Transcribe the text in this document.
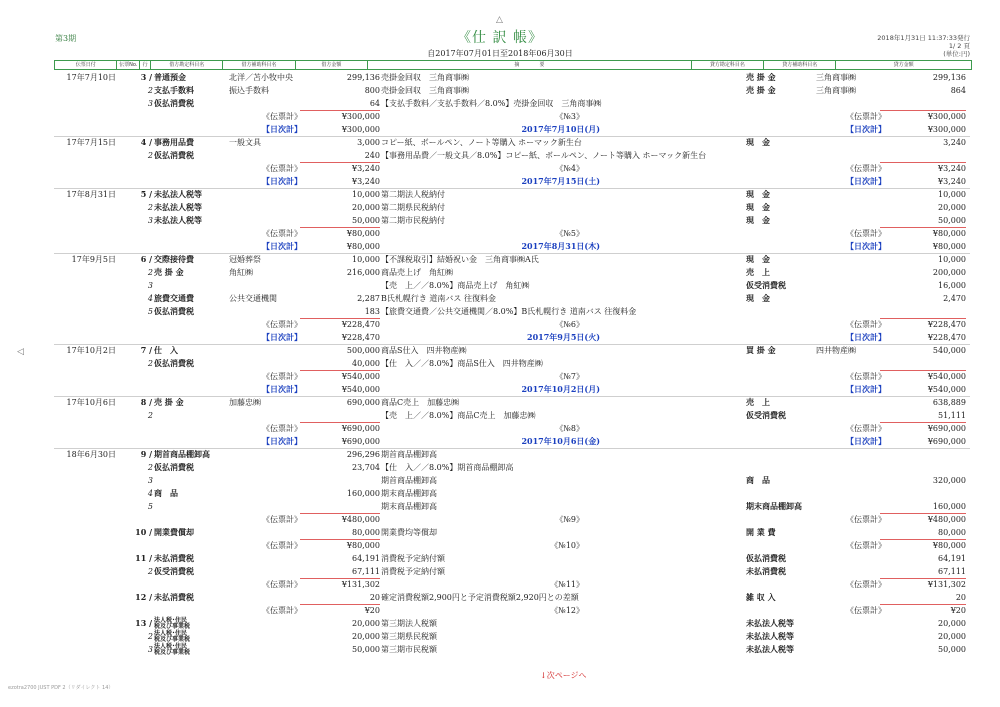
△
◁
第3期	《仕 訳 帳》
自2017年07月01日至2018年06月30日
2018年1月31日 11:37:33発行
1/ 2 頁
(単位:円)
伝票日付	伝票No.	行	借方勘定科目名	借方補助科目名	借方金額	摘　　　　要	貸方勘定科目名	貸方補助科目名	貸方金額
17年7月10日	3 / 普通預金	北洋／苫小牧中央	299,136 売掛金回収　三角商事㈱	売 掛 金	三角商事㈱	299,136
2 支払手数料	振込手数料	800 売掛金回収　三角商事㈱	売 掛 金	三角商事㈱	864
3 仮払消費税	64 【支払手数料／支払手数料／8.0%】売掛金回収　三角商事㈱
《伝票計》	¥300,000	《№3》	《伝票計》	¥300,000
【日次計】	¥300,000	2017年7月10日(月)	【日次計】	¥300,000
17年7月15日	4 / 事務用品費	一般文具	3,000 コピー紙、ボールペン、ノート等購入 ホーマック新生台	現　金	3,240
2 仮払消費税	240 【事務用品費／一般文具／8.0%】コピー紙、ボールペン、ノート等購入 ホーマック新生台
《伝票計》	¥3,240	《№4》	《伝票計》	¥3,240
【日次計】	¥3,240	2017年7月15日(土)	【日次計】	¥3,240
17年8月31日	5 / 未払法人税等	10,000 第二期法人税納付	現　金	10,000
2 未払法人税等	20,000 第二期県民税納付	現　金	20,000
3 未払法人税等	50,000 第二期市民税納付	現　金	50,000
《伝票計》	¥80,000	《№5》	《伝票計》	¥80,000
【日次計】	¥80,000	2017年8月31日(木)	【日次計】	¥80,000
17年9月5日	6 / 交際接待費	冠婚葬祭	10,000 【不課税取引】結婚祝い金　三角商事㈱A氏	現　金	10,000
2 売 掛 金	角紅㈱	216,000 商品売上げ　角紅㈱	売　上	200,000
3	【売　上／／8.0%】商品売上げ　角紅㈱	仮受消費税	16,000
4 旅費交通費	公共交通機関	2,287 B氏札幌行き 道南バス 往復料金	現　金	2,470
5 仮払消費税	183 【旅費交通費／公共交通機関／8.0%】B氏札幌行き 道南バス 往復料金
《伝票計》	¥228,470	《№6》	《伝票計》	¥228,470
【日次計】	¥228,470	2017年9月5日(火)	【日次計】	¥228,470
17年10月2日	7 / 仕　入	500,000 商品S仕入　四井物産㈱	買 掛 金	四井物産㈱	540,000
2 仮払消費税	40,000 【仕　入／／8.0%】商品S仕入　四井物産㈱
《伝票計》	¥540,000	《№7》	《伝票計》	¥540,000
【日次計】	¥540,000	2017年10月2日(月)	【日次計】	¥540,000
17年10月6日	8 / 売 掛 金	加藤忠㈱	690,000 商品C売上　加藤忠㈱	売　上	638,889
2	【売　上／／8.0%】商品C売上　加藤忠㈱	仮受消費税	51,111
《伝票計》	¥690,000	《№8》	《伝票計》	¥690,000
【日次計】	¥690,000	2017年10月6日(金)	【日次計】	¥690,000
18年6月30日	9 / 期首商品棚卸高	296,296 期首商品棚卸高
2 仮払消費税	23,704 【仕　入／／8.0%】期首商品棚卸高
3	期首商品棚卸高	商　品	320,000
4 商　品	160,000 期末商品棚卸高
5	期末商品棚卸高	期末商品棚卸高	160,000
《伝票計》	¥480,000	《№9》	《伝票計》	¥480,000
10 / 開業費償却	80,000 開業費均等償却	開 業 費	80,000
《伝票計》	¥80,000	《№10》	《伝票計》	¥80,000
11 / 未払消費税	64,191 消費税予定納付額	仮払消費税	64,191
2 仮受消費税	67,111 消費税予定納付額	未払消費税	67,111
《伝票計》	¥131,302	《№11》	《伝票計》	¥131,302
12 / 未払消費税	20 確定消費税額2,900円と予定消費税額2,920円との差額	雑 収 入	20
《伝票計》	¥20	《№12》	《伝票計》	¥20
13 / 法人税･住民
税及び事業税	20,000 第三期法人税額	未払法人税等	20,000
2 法人税･住民
税及び事業税	20,000 第三期県民税額	未払法人税等	20,000
3 法人税･住民
税及び事業税	50,000 第三期市民税額	未払法人税等	50,000
↓次ページへ
ezotra2700 JUST PDF 2（リダイレクト 14）
